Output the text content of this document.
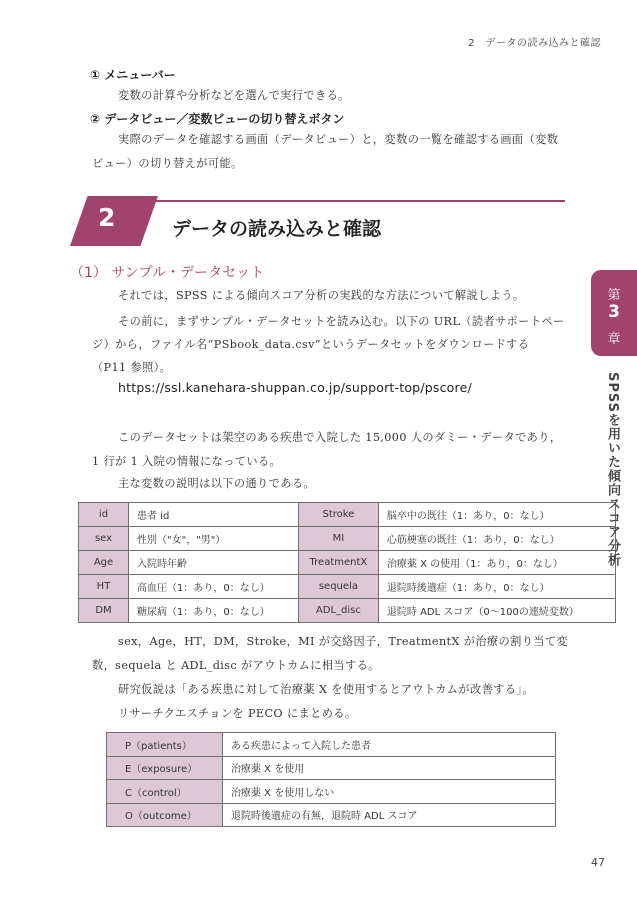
2　データの読み込みと確認
① メニューバー
変数の計算や分析などを選んで実行できる。
② データビュー／変数ビューの切り替えボタン
実際のデータを確認する画面（データビュー）と，変数の一覧を確認する画面（変数
ビュー）の切り替えが可能。
2	データの読み込みと確認
（1） サンプル・データセット
それでは，SPSS による傾向スコア分析の実践的な方法について解説しよう。
その前に，まずサンプル・データセットを読み込む。以下の URL（読者サポートペー
ジ）から，ファイル名“PSbook_data.csv”というデータセットをダウンロードする
（P11 参照）。
https://ssl.kanehara-shuppan.co.jp/support-top/pscore/
このデータセットは架空のある疾患で入院した 15,000 人のダミー・データであり，
1 行が 1 入院の情報になっている。
主な変数の説明は以下の通りである。
id	患者 id	Stroke	脳卒中の既往（1：あり，0：なし）
sex	性別（"女"，"男"）	MI	心筋梗塞の既往（1：あり，0：なし）
Age	入院時年齢	TreatmentX	治療薬 X の使用（1：あり，0：なし）
HT	高血圧（1：あり，0：なし）	sequela	退院時後遺症（1：あり，0：なし）
DM	糖尿病（1：あり，0：なし）	ADL_disc	退院時 ADL スコア（0～100の連続変数）
sex，Age，HT，DM，Stroke，MI が交絡因子，TreatmentX が治療の割り当て変
数，sequela と ADL_disc がアウトカムに相当する。
研究仮説は「ある疾患に対して治療薬 X を使用するとアウトカムが改善する」。
リサーチクエスチョンを PECO にまとめる。
P（patients）	ある疾患によって入院した患者
E（exposure）	治療薬 X を使用
C（control）	治療薬 X を使用しない
O（outcome）	退院時後遺症の有無，退院時 ADL スコア
第
3
章
SPSSを用いた傾向スコア分析
47
